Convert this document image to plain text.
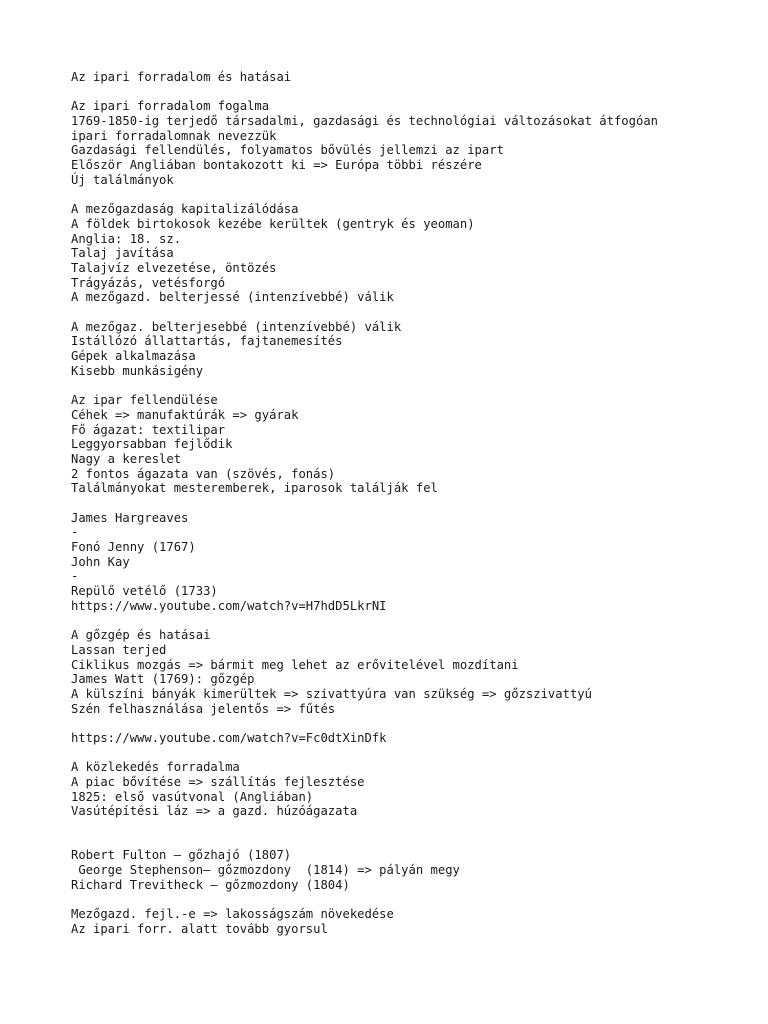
Az ipari forradalom és hatásai
Az ipari forradalom fogalma
1769-1850-ig terjedő társadalmi, gazdasági és technológiai változásokat átfogóan
ipari forradalomnak nevezzük
Gazdasági fellendülés, folyamatos bővülés jellemzi az ipart
Először Angliában bontakozott ki => Európa többi részére
Új találmányok
A mezőgazdaság kapitalizálódása
A földek birtokosok kezébe kerültek (gentryk és yeoman)
Anglia: 18. sz.
Talaj javítása
Talajvíz elvezetése, öntözés
Trágyázás, vetésforgó
A mezőgazd. belterjessé (intenzívebbé) válik
A mezőgaz. belterjesebbé (intenzívebbé) válik
Istállózó állattartás, fajtanemesítés
Gépek alkalmazása
Kisebb munkásigény
Az ipar fellendülése
Céhek => manufaktúrák => gyárak
Fő ágazat: textilipar
Leggyorsabban fejlődik
Nagy a kereslet
2 fontos ágazata van (szövés, fonás)
Találmányokat mesteremberek, iparosok találják fel
James Hargreaves
-
Fonó Jenny (1767)
John Kay
-
Repülő vetélő (1733)
https://www.youtube.com/watch?v=H7hdD5LkrNI
A gőzgép és hatásai
Lassan terjed
Ciklikus mozgás => bármit meg lehet az erővitelével mozdítani
James Watt (1769): gőzgép
A külszíni bányák kimerültek => szivattyúra van szükség => gőzszivattyú
Szén felhasználása jelentős => fűtés
https://www.youtube.com/watch?v=Fc0dtXinDfk
A közlekedés forradalma
A piac bővítése => szállítás fejlesztése
1825: első vasútvonal (Angliában)
Vasútépítési láz => a gazd. húzóágazata
Robert Fulton – gőzhajó (1807)
George Stephenson– gőzmozdony  (1814) => pályán megy
Richard Trevitheck – gőzmozdony (1804)
Mezőgazd. fejl.-e => lakosságszám növekedése
Az ipari forr. alatt tovább gyorsul
